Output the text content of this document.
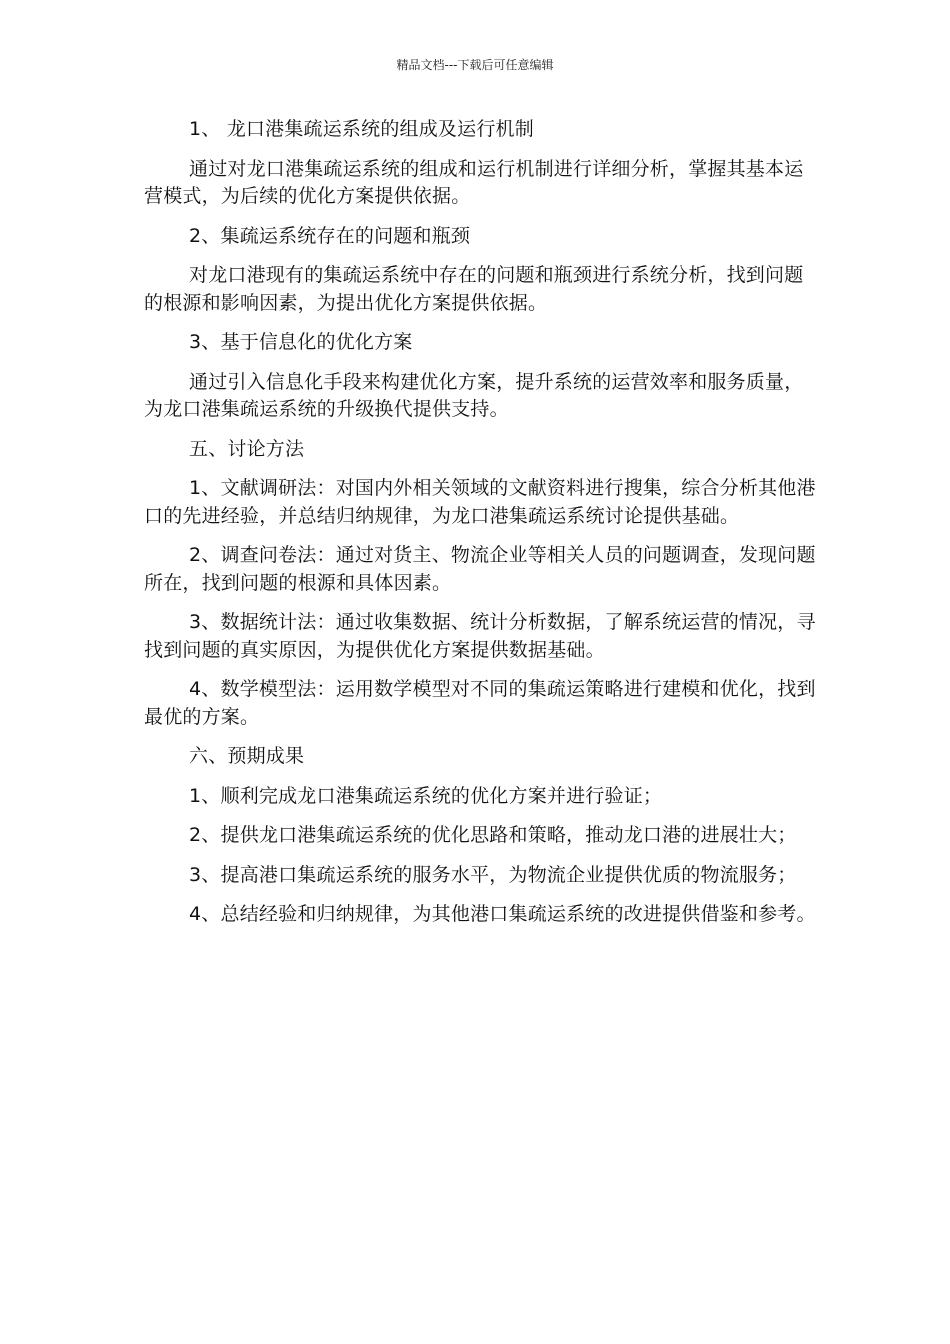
精品文档---下载后可任意编辑

1、 龙口港集疏运系统的组成及运行机制

通过对龙口港集疏运系统的组成和运行机制进行详细分析，掌握其基本运营模式，为后续的优化方案提供依据。

2、集疏运系统存在的问题和瓶颈

对龙口港现有的集疏运系统中存在的问题和瓶颈进行系统分析，找到问题的根源和影响因素，为提出优化方案提供依据。

3、基于信息化的优化方案

通过引入信息化手段来构建优化方案，提升系统的运营效率和服务质量，为龙口港集疏运系统的升级换代提供支持。

五、讨论方法

1、文献调研法：对国内外相关领域的文献资料进行搜集，综合分析其他港口的先进经验，并总结归纳规律，为龙口港集疏运系统讨论提供基础。

2、调查问卷法：通过对货主、物流企业等相关人员的问题调查，发现问题所在，找到问题的根源和具体因素。

3、数据统计法：通过收集数据、统计分析数据，了解系统运营的情况，寻找到问题的真实原因，为提供优化方案提供数据基础。

4、数学模型法：运用数学模型对不同的集疏运策略进行建模和优化，找到最优的方案。

六、预期成果

1、顺利完成龙口港集疏运系统的优化方案并进行验证；

2、提供龙口港集疏运系统的优化思路和策略，推动龙口港的进展壮大；

3、提高港口集疏运系统的服务水平，为物流企业提供优质的物流服务；

4、总结经验和归纳规律，为其他港口集疏运系统的改进提供借鉴和参考。
